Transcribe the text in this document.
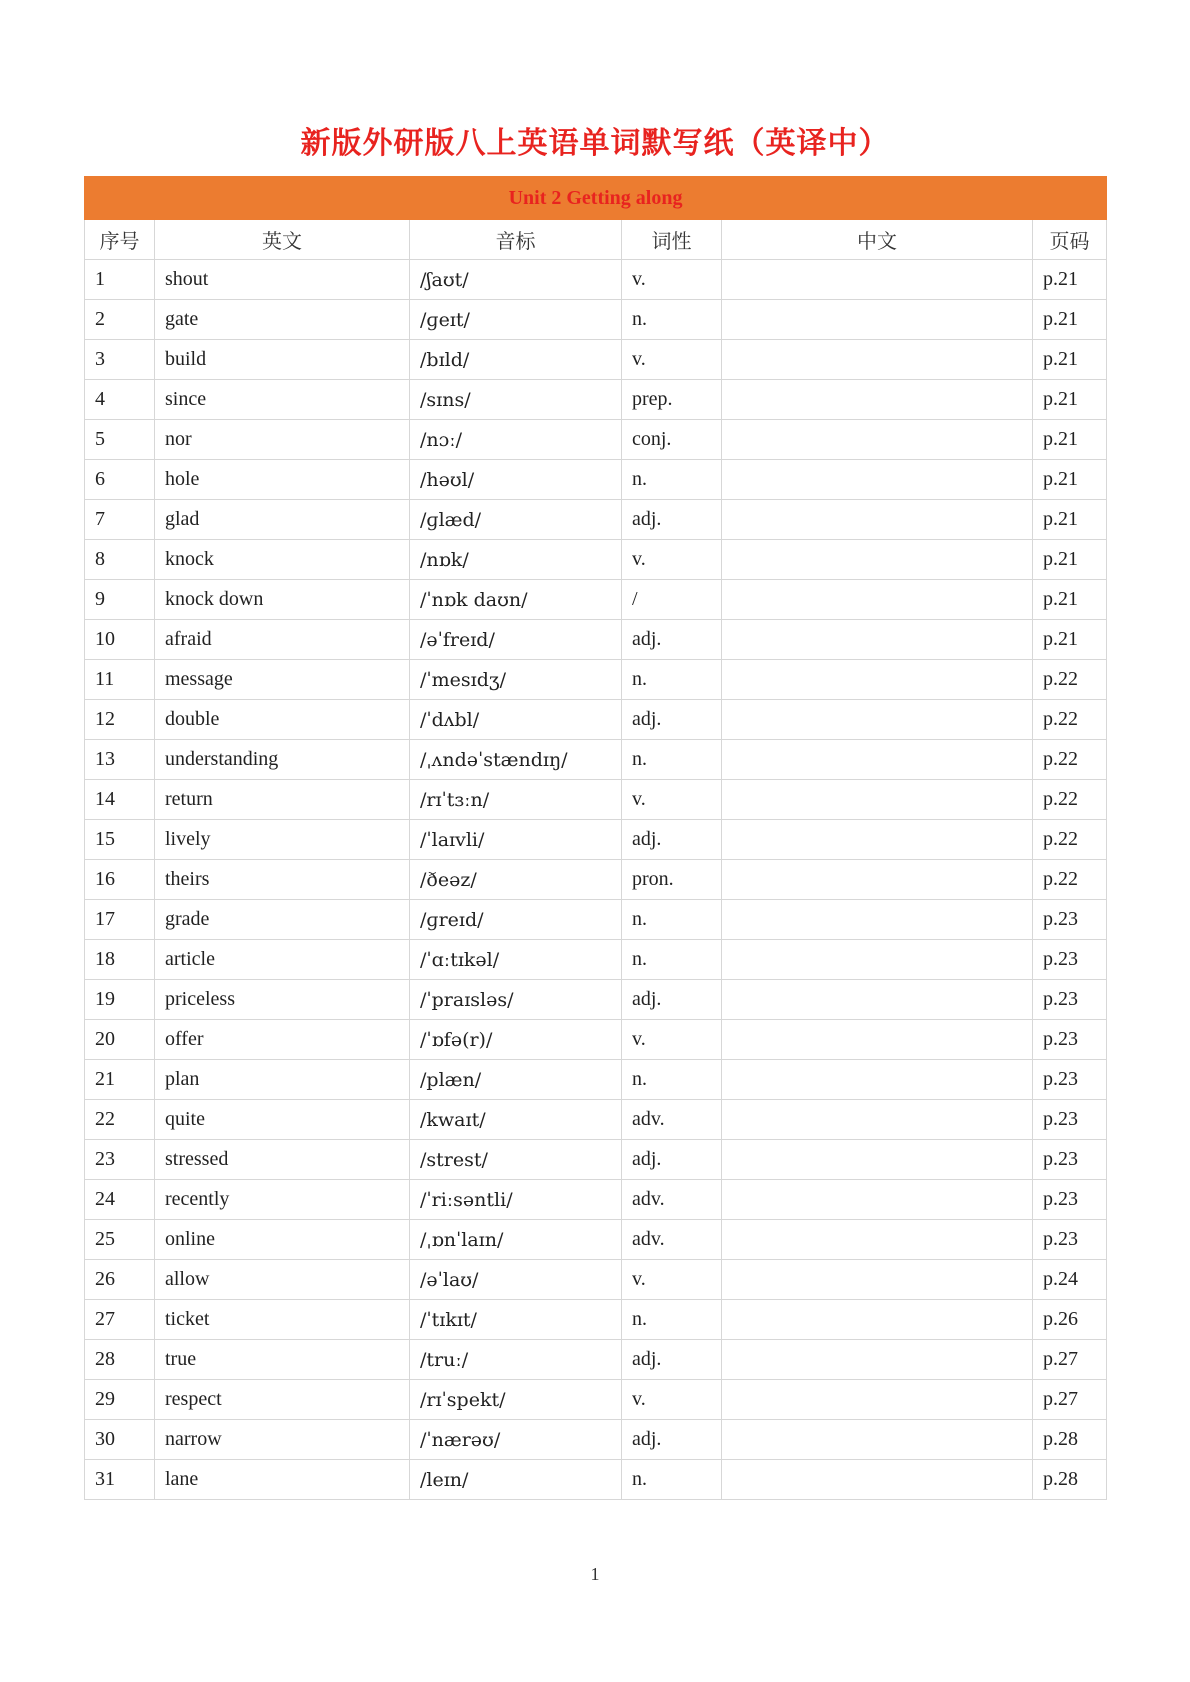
新版外研版八上英语单词默写纸（英译中）
Unit 2 Getting along					
序号	英文	音标	词性	中文	页码
1	shout	/ʃaʊt/	v.		p.21
2	gate	/ɡeɪt/	n.		p.21
3	build	/bɪld/	v.		p.21
4	since	/sɪns/	prep.		p.21
5	nor	/nɔː/	conj.		p.21
6	hole	/həʊl/	n.		p.21
7	glad	/ɡlæd/	adj.		p.21
8	knock	/nɒk/	v.		p.21
9	knock down	/ˈnɒk daʊn/	/		p.21
10	afraid	/əˈfreɪd/	adj.		p.21
11	message	/ˈmesɪdʒ/	n.		p.22
12	double	/ˈdʌbl/	adj.		p.22
13	understanding	/ˌʌndəˈstændɪŋ/	n.		p.22
14	return	/rɪˈtɜːn/	v.		p.22
15	lively	/ˈlaɪvli/	adj.		p.22
16	theirs	/ðeəz/	pron.		p.22
17	grade	/ɡreɪd/	n.		p.23
18	article	/ˈɑːtɪkəl/	n.		p.23
19	priceless	/ˈpraɪsləs/	adj.		p.23
20	offer	/ˈɒfə(r)/	v.		p.23
21	plan	/plæn/	n.		p.23
22	quite	/kwaɪt/	adv.		p.23
23	stressed	/strest/	adj.		p.23
24	recently	/ˈriːsəntli/	adv.		p.23
25	online	/ˌɒnˈlaɪn/	adv.		p.23
26	allow	/əˈlaʊ/	v.		p.24
27	ticket	/ˈtɪkɪt/	n.		p.26
28	true	/truː/	adj.		p.27
29	respect	/rɪˈspekt/	v.		p.27
30	narrow	/ˈnærəʊ/	adj.		p.28
31	lane	/leɪn/	n.		p.28
1
